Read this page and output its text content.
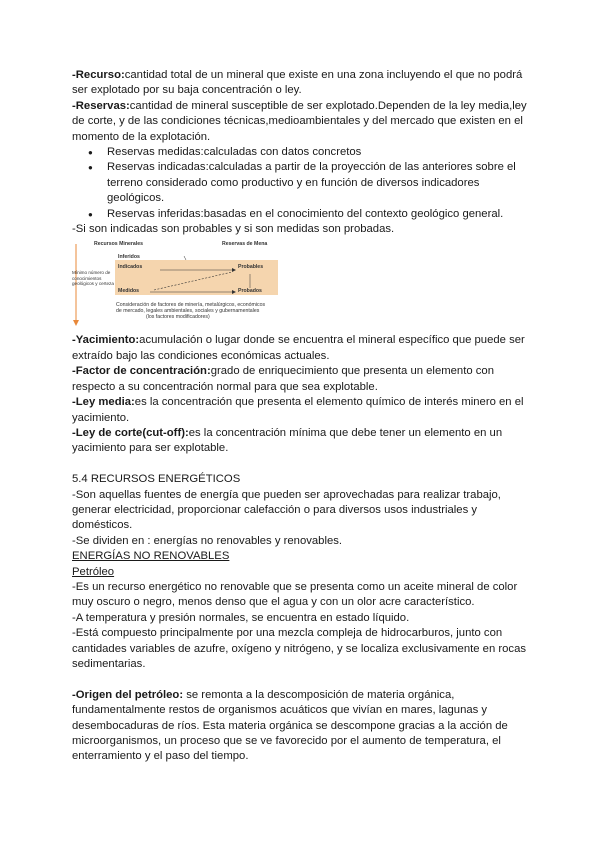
-Recurso:cantidad total de un mineral que existe en una zona incluyendo el que no podrá ser explotado por su baja concentración o ley.

-Reservas:cantidad de mineral susceptible de ser explotado.Dependen de la ley media,ley de corte, y de las condiciones técnicas,medioambientales y del mercado que existen en el momento de la explotación.

● Reservas medidas:calculadas con datos concretos
● Reservas indicadas:calculadas a partir de la proyección de las anteriores sobre el terreno considerado como productivo y en función de diversos indicadores geológicos.
● Reservas inferidas:basadas en el conocimiento del contexto geológico general.

-Si son indicadas son probables y si son medidas son probadas.

Recursos Minerales	Reservas de Mena
Inferidos
Indicados
Medidos
Probables
Probados
Mínimo número de conocimientos geológicos y certeza
Consideración de factores de minería, metalúrgicos, económicos
de mercado, legales ambientales, sociales y gubernamentales
(los factores modificadores)

-Yacimiento:acumulación o lugar donde se encuentra el mineral específico que puede ser extraído bajo las condiciones económicas actuales.

-Factor de concentración:grado de enriquecimiento que presenta un elemento con respecto a su concentración normal para que sea explotable.

-Ley media:es la concentración que presenta el elemento químico de interés minero en el yacimiento.

-Ley de corte(cut-off):es la concentración mínima que debe tener un elemento en un yacimiento para ser explotable.

5.4 RECURSOS ENERGÉTICOS

-Son aquellas fuentes de energía que pueden ser aprovechadas para realizar trabajo, generar electricidad, proporcionar calefacción o para diversos usos industriales y domésticos.

-Se dividen en : energías no renovables y renovables.

ENERGÍAS NO RENOVABLES

Petróleo

-Es un recurso energético no renovable que se presenta como un aceite mineral de color muy oscuro o negro, menos denso que el agua y con un olor acre característico.

-A temperatura y presión normales, se encuentra en estado líquido.

-Está compuesto principalmente por una mezcla compleja de hidrocarburos, junto con cantidades variables de azufre, oxígeno y nitrógeno, y se localiza exclusivamente en rocas sedimentarias.

-Origen del petróleo: se remonta a la descomposición de materia orgánica, fundamentalmente restos de organismos acuáticos que vivían en mares, lagunas y desembocaduras de ríos. Esta materia orgánica se descompone gracias a la acción de microorganismos, un proceso que se ve favorecido por el aumento de temperatura, el enterramiento y el paso del tiempo.
